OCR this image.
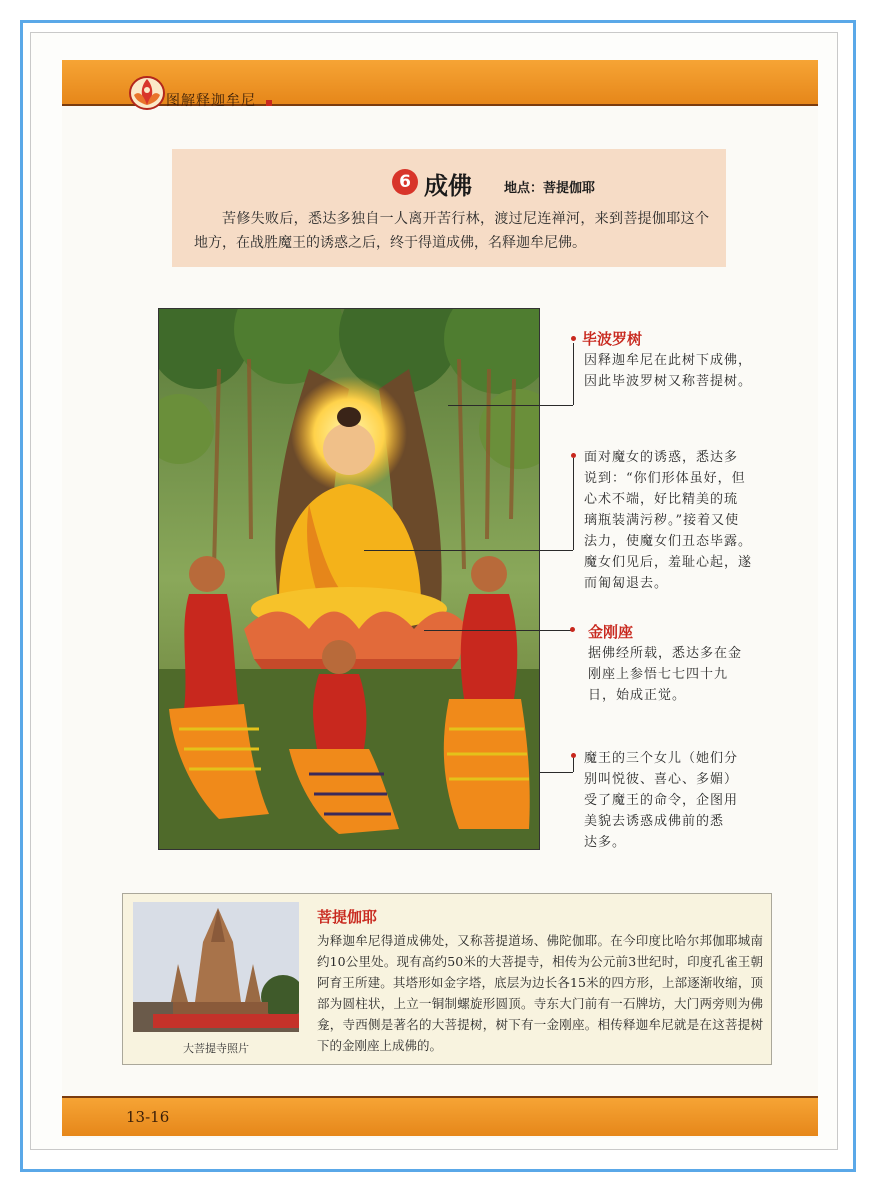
图解释迦牟尼
6 成佛 地点：菩提伽耶
苦修失败后，悉达多独自一人离开苦行林，渡过尼连禅河，来到菩提伽耶这个地方，在战胜魔王的诱惑之后，终于得道成佛，名释迦牟尼佛。
毕波罗树
因释迦牟尼在此树下成佛，
因此毕波罗树又称菩提树。
面对魔女的诱惑，悉达多
说到：“你们形体虽好，但
心术不端，好比精美的琉
璃瓶装满污秽。”接着又使
法力，使魔女们丑态毕露。
魔女们见后，羞耻心起，遂
而匍匐退去。
金刚座
据佛经所载，悉达多在金
刚座上参悟七七四十九
日，始成正觉。
魔王的三个女儿（她们分
别叫悦彼、喜心、多媚）
受了魔王的命令，企图用
美貌去诱惑成佛前的悉
达多。
大菩提寺照片
菩提伽耶
为释迦牟尼得道成佛处，又称菩提道场、佛陀伽耶。在今印度比哈尔邦伽耶城南约10公里处。现有高约50米的大菩提寺，相传为公元前3世纪时，印度孔雀王朝阿育王所建。其塔形如金字塔，底层为边长各15米的四方形，上部逐渐收缩，顶部为圆柱状，上立一铜制螺旋形圆顶。寺东大门前有一石牌坊，大门两旁则为佛龛，寺西侧是著名的大菩提树，树下有一金刚座。相传释迦牟尼就是在这菩提树下的金刚座上成佛的。
13-16
